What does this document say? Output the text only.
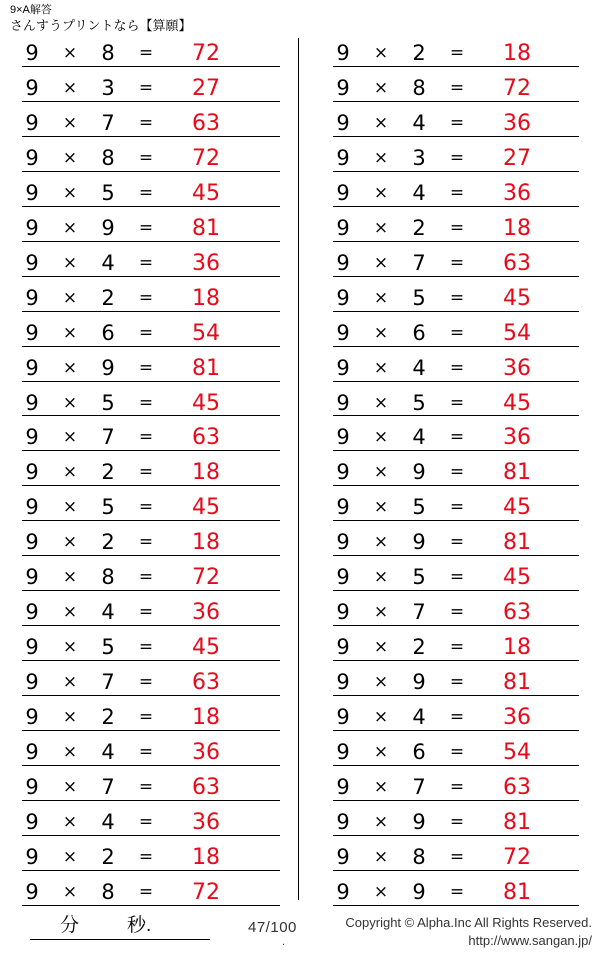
9×A解答
さんすうプリントなら【算願】
9	×	8	=	72
9	×	3	=	27
9	×	7	=	63
9	×	8	=	72
9	×	5	=	45
9	×	9	=	81
9	×	4	=	36
9	×	2	=	18
9	×	6	=	54
9	×	9	=	81
9	×	5	=	45
9	×	7	=	63
9	×	2	=	18
9	×	5	=	45
9	×	2	=	18
9	×	8	=	72
9	×	4	=	36
9	×	5	=	45
9	×	7	=	63
9	×	2	=	18
9	×	4	=	36
9	×	7	=	63
9	×	4	=	36
9	×	2	=	18
9	×	8	=	72
9	×	2	=	18
9	×	8	=	72
9	×	4	=	36
9	×	3	=	27
9	×	4	=	36
9	×	2	=	18
9	×	7	=	63
9	×	5	=	45
9	×	6	=	54
9	×	4	=	36
9	×	5	=	45
9	×	4	=	36
9	×	9	=	81
9	×	5	=	45
9	×	9	=	81
9	×	5	=	45
9	×	7	=	63
9	×	2	=	18
9	×	9	=	81
9	×	4	=	36
9	×	6	=	54
9	×	7	=	63
9	×	9	=	81
9	×	8	=	72
9	×	9	=	81
分	秒.	47/100
.
Copyright © Alpha.Inc All Rights Reserved.
http://www.sangan.jp/
